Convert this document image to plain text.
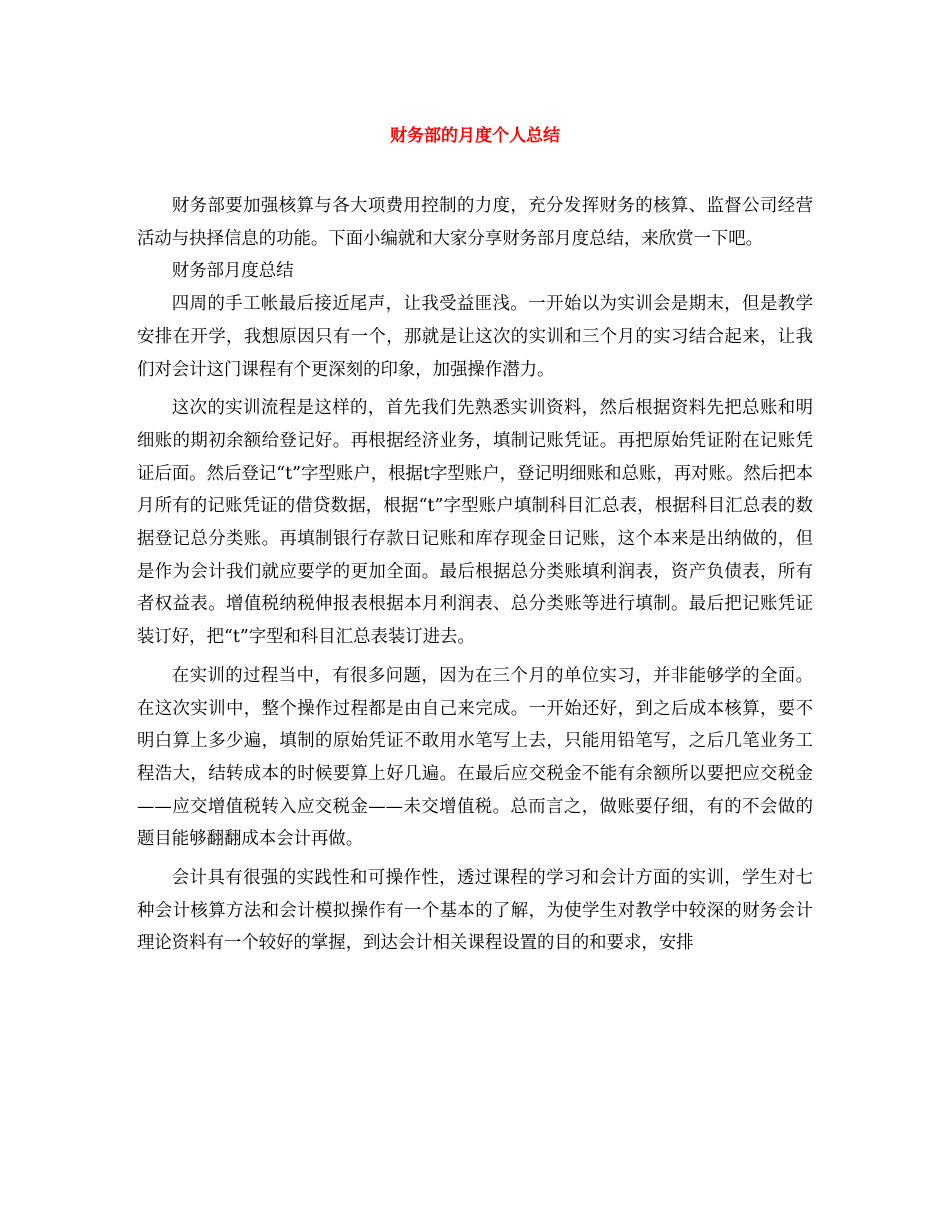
财务部的月度个人总结

财务部要加强核算与各大项费用控制的力度，充分发挥财务的核算、监督公司经营活动与抉择信息的功能。下面小编就和大家分享财务部月度总结，来欣赏一下吧。

财务部月度总结

四周的手工帐最后接近尾声，让我受益匪浅。一开始以为实训会是期末，但是教学安排在开学，我想原因只有一个，那就是让这次的实训和三个月的实习结合起来，让我们对会计这门课程有个更深刻的印象，加强操作潜力。

这次的实训流程是这样的，首先我们先熟悉实训资料，然后根据资料先把总账和明细账的期初余额给登记好。再根据经济业务，填制记账凭证。再把原始凭证附在记账凭证后面。然后登记“t”字型账户，根据t字型账户，登记明细账和总账，再对账。然后把本月所有的记账凭证的借贷数据，根据“t”字型账户填制科目汇总表，根据科目汇总表的数据登记总分类账。再填制银行存款日记账和库存现金日记账，这个本来是出纳做的，但是作为会计我们就应要学的更加全面。最后根据总分类账填利润表，资产负债表，所有者权益表。增值税纳税伸报表根据本月利润表、总分类账等进行填制。最后把记账凭证装订好，把“t”字型和科目汇总表装订进去。

在实训的过程当中，有很多问题，因为在三个月的单位实习，并非能够学的全面。在这次实训中，整个操作过程都是由自己来完成。一开始还好，到之后成本核算，要不明白算上多少遍，填制的原始凭证不敢用水笔写上去，只能用铅笔写，之后几笔业务工程浩大，结转成本的时候要算上好几遍。在最后应交税金不能有余额所以要把应交税金——应交增值税转入应交税金——未交增值税。总而言之，做账要仔细，有的不会做的题目能够翻翻成本会计再做。

会计具有很强的实践性和可操作性，透过课程的学习和会计方面的实训，学生对七种会计核算方法和会计模拟操作有一个基本的了解，为使学生对教学中较深的财务会计理论资料有一个较好的掌握，到达会计相关课程设置的目的和要求，安排
